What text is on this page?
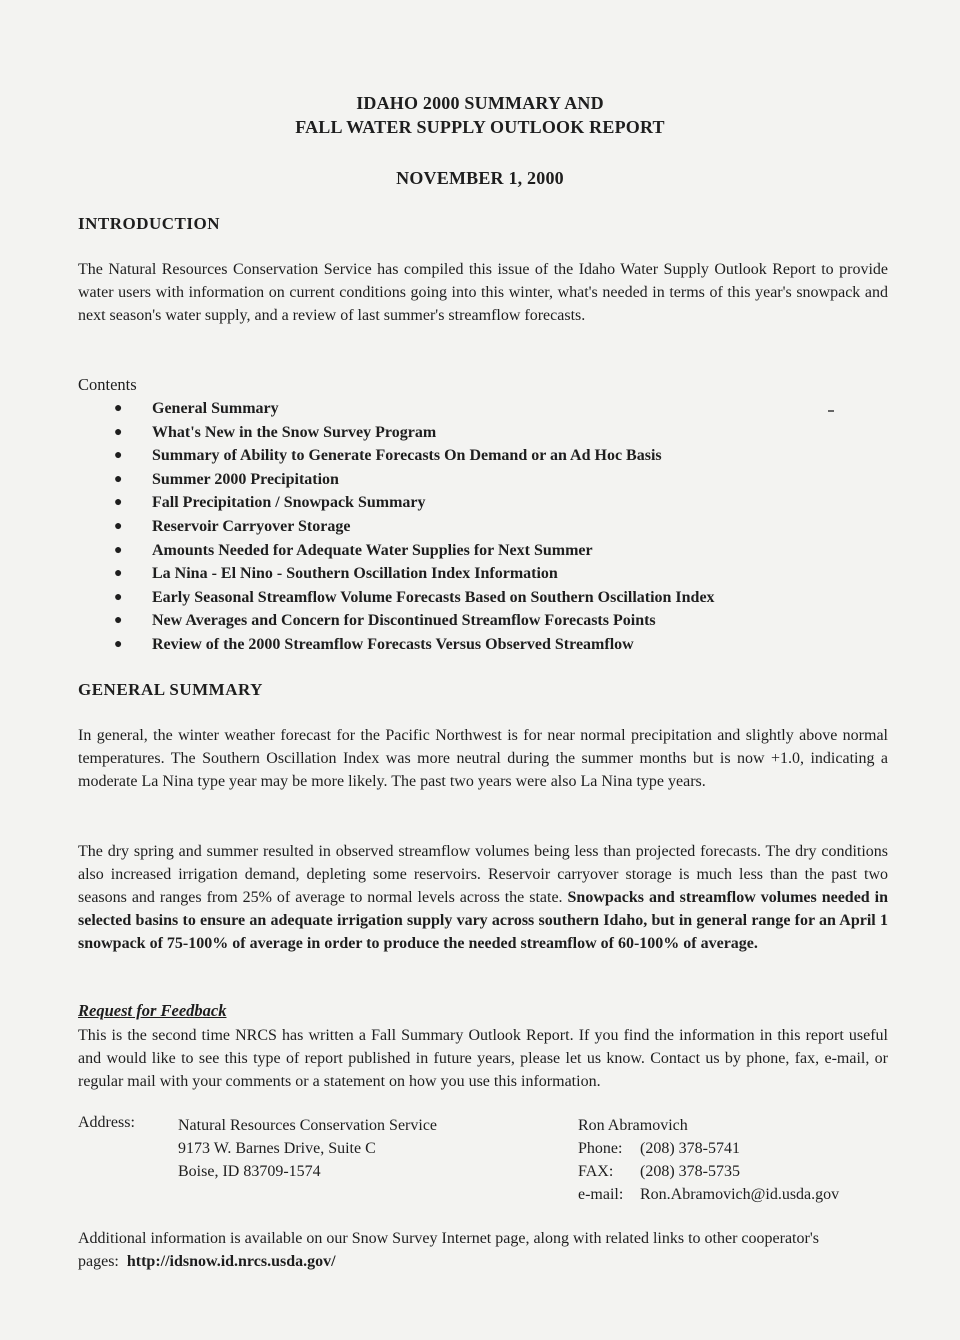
IDAHO 2000 SUMMARY AND
FALL WATER SUPPLY OUTLOOK REPORT
NOVEMBER 1, 2000
INTRODUCTION
The Natural Resources Conservation Service has compiled this issue of the Idaho Water Supply Outlook Report to provide water users with information on current conditions going into this winter, what's needed in terms of this year's snowpack and next season's water supply, and a review of last summer's streamflow forecasts.
Contents
● General Summary
● What's New in the Snow Survey Program
● Summary of Ability to Generate Forecasts On Demand or an Ad Hoc Basis
● Summer 2000 Precipitation
● Fall Precipitation / Snowpack Summary
● Reservoir Carryover Storage
● Amounts Needed for Adequate Water Supplies for Next Summer
● La Nina - El Nino - Southern Oscillation Index Information
● Early Seasonal Streamflow Volume Forecasts Based on Southern Oscillation Index
● New Averages and Concern for Discontinued Streamflow Forecasts Points
● Review of the 2000 Streamflow Forecasts Versus Observed Streamflow
GENERAL SUMMARY
In general, the winter weather forecast for the Pacific Northwest is for near normal precipitation and slightly above normal temperatures. The Southern Oscillation Index was more neutral during the summer months but is now +1.0, indicating a moderate La Nina type year may be more likely. The past two years were also La Nina type years.
The dry spring and summer resulted in observed streamflow volumes being less than projected forecasts. The dry conditions also increased irrigation demand, depleting some reservoirs. Reservoir carryover storage is much less than the past two seasons and ranges from 25% of average to normal levels across the state. Snowpacks and streamflow volumes needed in selected basins to ensure an adequate irrigation supply vary across southern Idaho, but in general range for an April 1 snowpack of 75-100% of average in order to produce the needed streamflow of 60-100% of average.
Request for Feedback
This is the second time NRCS has written a Fall Summary Outlook Report. If you find the information in this report useful and would like to see this type of report published in future years, please let us know. Contact us by phone, fax, e-mail, or regular mail with your comments or a statement on how you use this information.
Address:	Natural Resources Conservation Service
9173 W. Barnes Drive, Suite C
Boise, ID 83709-1574
Ron Abramovich
Phone: (208) 378-5741
FAX: (208) 378-5735
e-mail: Ron.Abramovich@id.usda.gov
Additional information is available on our Snow Survey Internet page, along with related links to other cooperator's pages: http://idsnow.id.nrcs.usda.gov/
